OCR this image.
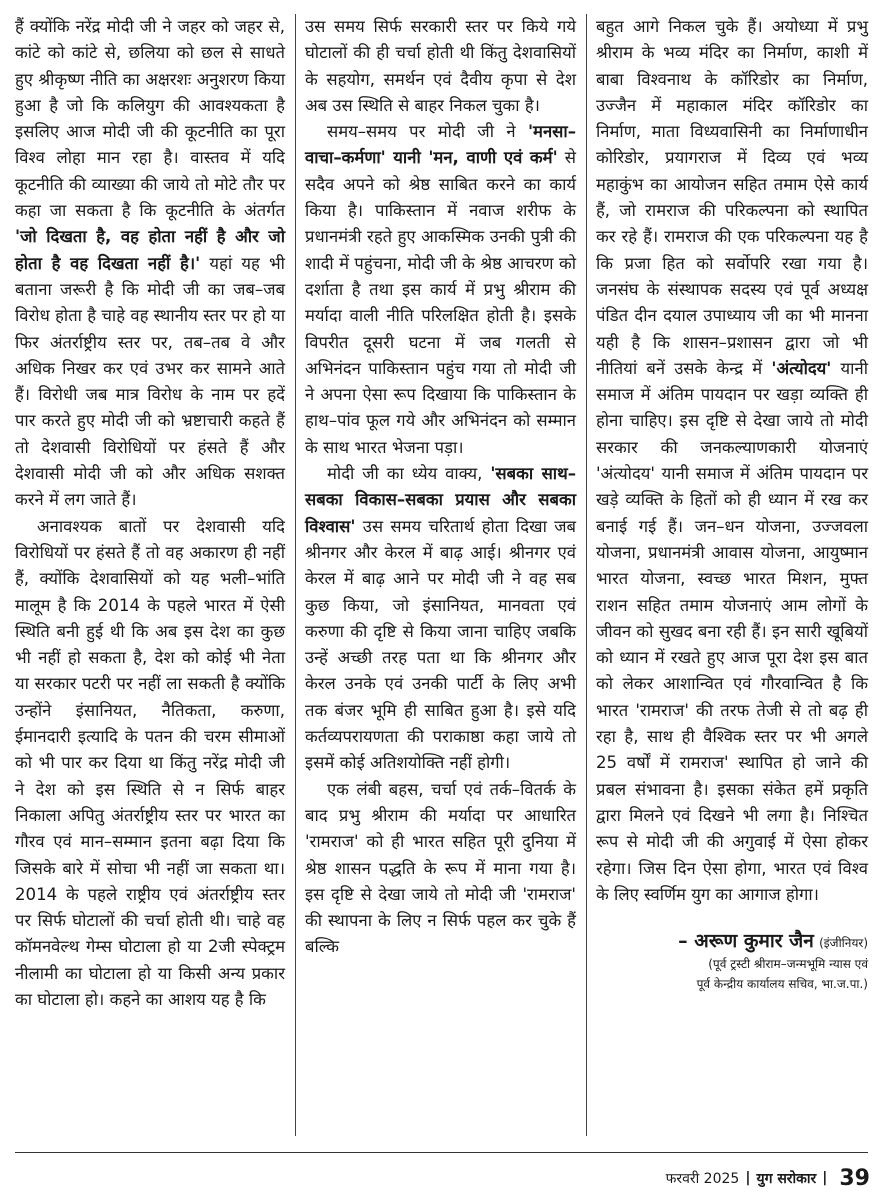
हैं क्योंकि नरेंद्र मोदी जी ने जहर को जहर से, कांटे को कांटे से, छलिया को छल से साधते हुए श्रीकृष्ण नीति का अक्षरशः अनुशरण किया हुआ है जो कि कलियुग की आवश्यकता है इसलिए आज मोदी जी की कूटनीति का पूरा विश्व लोहा मान रहा है। वास्तव में यदि कूटनीति की व्याख्या की जाये तो मोटे तौर पर कहा जा सकता है कि कूटनीति के अंतर्गत 'जो दिखता है, वह होता नहीं है और जो होता है वह दिखता नहीं है।' यहां यह भी बताना जरूरी है कि मोदी जी का जब–जब विरोध होता है चाहे वह स्थानीय स्तर पर हो या फिर अंतर्राष्ट्रीय स्तर पर, तब–तब वे और अधिक निखर कर एवं उभर कर सामने आते हैं। विरोधी जब मात्र विरोध के नाम पर हदें पार करते हुए मोदी जी को भ्रष्टाचारी कहते हैं तो देशवासी विरोधियों पर हंसते हैं और देशवासी मोदी जी को और अधिक सशक्त करने में लग जाते हैं।

अनावश्यक बातों पर देशवासी यदि विरोधियों पर हंसते हैं तो वह अकारण ही नहीं हैं, क्योंकि देशवासियों को यह भली–भांति मालूम है कि 2014 के पहले भारत में ऐसी स्थिति बनी हुई थी कि अब इस देश का कुछ भी नहीं हो सकता है, देश को कोई भी नेता या सरकार पटरी पर नहीं ला सकती है क्योंकि उन्होंने इंसानियत, नैतिकता, करुणा, ईमानदारी इत्यादि के पतन की चरम सीमाओं को भी पार कर दिया था किंतु नरेंद्र मोदी जी ने देश को इस स्थिति से न सिर्फ बाहर निकाला अपितु अंतर्राष्ट्रीय स्तर पर भारत का गौरव एवं मान–सम्मान इतना बढ़ा दिया कि जिसके बारे में सोचा भी नहीं जा सकता था। 2014 के पहले राष्ट्रीय एवं अंतर्राष्ट्रीय स्तर पर सिर्फ घोटालों की चर्चा होती थी। चाहे वह कॉमनवेल्थ गेम्स घोटाला हो या 2जी स्पेक्ट्रम नीलामी का घोटाला हो या किसी अन्य प्रकार का घोटाला हो। कहने का आशय यह है कि

उस समय सिर्फ सरकारी स्तर पर किये गये घोटालों की ही चर्चा होती थी किंतु देशवासियों के सहयोग, समर्थन एवं दैवीय कृपा से देश अब उस स्थिति से बाहर निकल चुका है।

समय–समय पर मोदी जी ने 'मनसा–वाचा–कर्मणा' यानी 'मन, वाणी एवं कर्म' से सदैव अपने को श्रेष्ठ साबित करने का कार्य किया है। पाकिस्तान में नवाज शरीफ के प्रधानमंत्री रहते हुए आकस्मिक उनकी पुत्री की शादी में पहुंचना, मोदी जी के श्रेष्ठ आचरण को दर्शाता है तथा इस कार्य में प्रभु श्रीराम की मर्यादा वाली नीति परिलक्षित होती है। इसके विपरीत दूसरी घटना में जब गलती से अभिनंदन पाकिस्तान पहुंच गया तो मोदी जी ने अपना ऐसा रूप दिखाया कि पाकिस्तान के हाथ–पांव फूल गये और अभिनंदन को सम्मान के साथ भारत भेजना पड़ा।

मोदी जी का ध्येय वाक्य, 'सबका साथ–सबका विकास–सबका प्रयास और सबका विश्वास' उस समय चरितार्थ होता दिखा जब श्रीनगर और केरल में बाढ़ आई। श्रीनगर एवं केरल में बाढ़ आने पर मोदी जी ने वह सब कुछ किया, जो इंसानियत, मानवता एवं करुणा की दृष्टि से किया जाना चाहिए जबकि उन्हें अच्छी तरह पता था कि श्रीनगर और केरल उनके एवं उनकी पार्टी के लिए अभी तक बंजर भूमि ही साबित हुआ है। इसे यदि कर्तव्यपरायणता की पराकाष्ठा कहा जाये तो इसमें कोई अतिशयोक्ति नहीं होगी।

एक लंबी बहस, चर्चा एवं तर्क–वितर्क के बाद प्रभु श्रीराम की मर्यादा पर आधारित 'रामराज' को ही भारत सहित पूरी दुनिया में श्रेष्ठ शासन पद्धति के रूप में माना गया है। इस दृष्टि से देखा जाये तो मोदी जी 'रामराज' की स्थापना के लिए न सिर्फ पहल कर चुके हैं बल्कि

बहुत आगे निकल चुके हैं। अयोध्या में प्रभु श्रीराम के भव्य मंदिर का निर्माण, काशी में बाबा विश्वनाथ के कॉरिडोर का निर्माण, उज्जैन में महाकाल मंदिर कॉरिडोर का निर्माण, माता विध्यवासिनी का निर्माणाधीन कोरिडोर, प्रयागराज में दिव्य एवं भव्य महाकुंभ का आयोजन सहित तमाम ऐसे कार्य हैं, जो रामराज की परिकल्पना को स्थापित कर रहे हैं। रामराज की एक परिकल्पना यह है कि प्रजा हित को सर्वोपरि रखा गया है। जनसंघ के संस्थापक सदस्य एवं पूर्व अध्यक्ष पंडित दीन दयाल उपाध्याय जी का भी मानना यही है कि शासन–प्रशासन द्वारा जो भी नीतियां बनें उसके केन्द्र में 'अंत्योदय' यानी समाज में अंतिम पायदान पर खड़ा व्यक्ति ही होना चाहिए। इस दृष्टि से देखा जाये तो मोदी सरकार की जनकल्याणकारी योजनाएं 'अंत्योदय' यानी समाज में अंतिम पायदान पर खड़े व्यक्ति के हितों को ही ध्यान में रख कर बनाई गई हैं। जन–धन योजना, उज्जवला योजना, प्रधानमंत्री आवास योजना, आयुष्मान भारत योजना, स्वच्छ भारत मिशन, मुफ्त राशन सहित तमाम योजनाएं आम लोगों के जीवन को सुखद बना रही हैं। इन सारी खूबियों को ध्यान में रखते हुए आज पूरा देश इस बात को लेकर आशान्वित एवं गौरवान्वित है कि भारत 'रामराज' की तरफ तेजी से तो बढ़ ही रहा है, साथ ही वैश्विक स्तर पर भी अगले 25 वर्षों में रामराज' स्थापित हो जाने की प्रबल संभावना है। इसका संकेत हमें प्रकृति द्वारा मिलने एवं दिखने भी लगा है। निश्चित रूप से मोदी जी की अगुवाई में ऐसा होकर रहेगा। जिस दिन ऐसा होगा, भारत एवं विश्व के लिए स्वर्णिम युग का आगाज होगा।

– अरूण कुमार जैन (इंजीनियर)
(पूर्व ट्रस्टी श्रीराम–जन्मभूमि न्यास एवं
पूर्व केन्द्रीय कार्यालय सचिव, भा.ज.पा.)
फरवरी 2025 | युग सरोकार | 39
